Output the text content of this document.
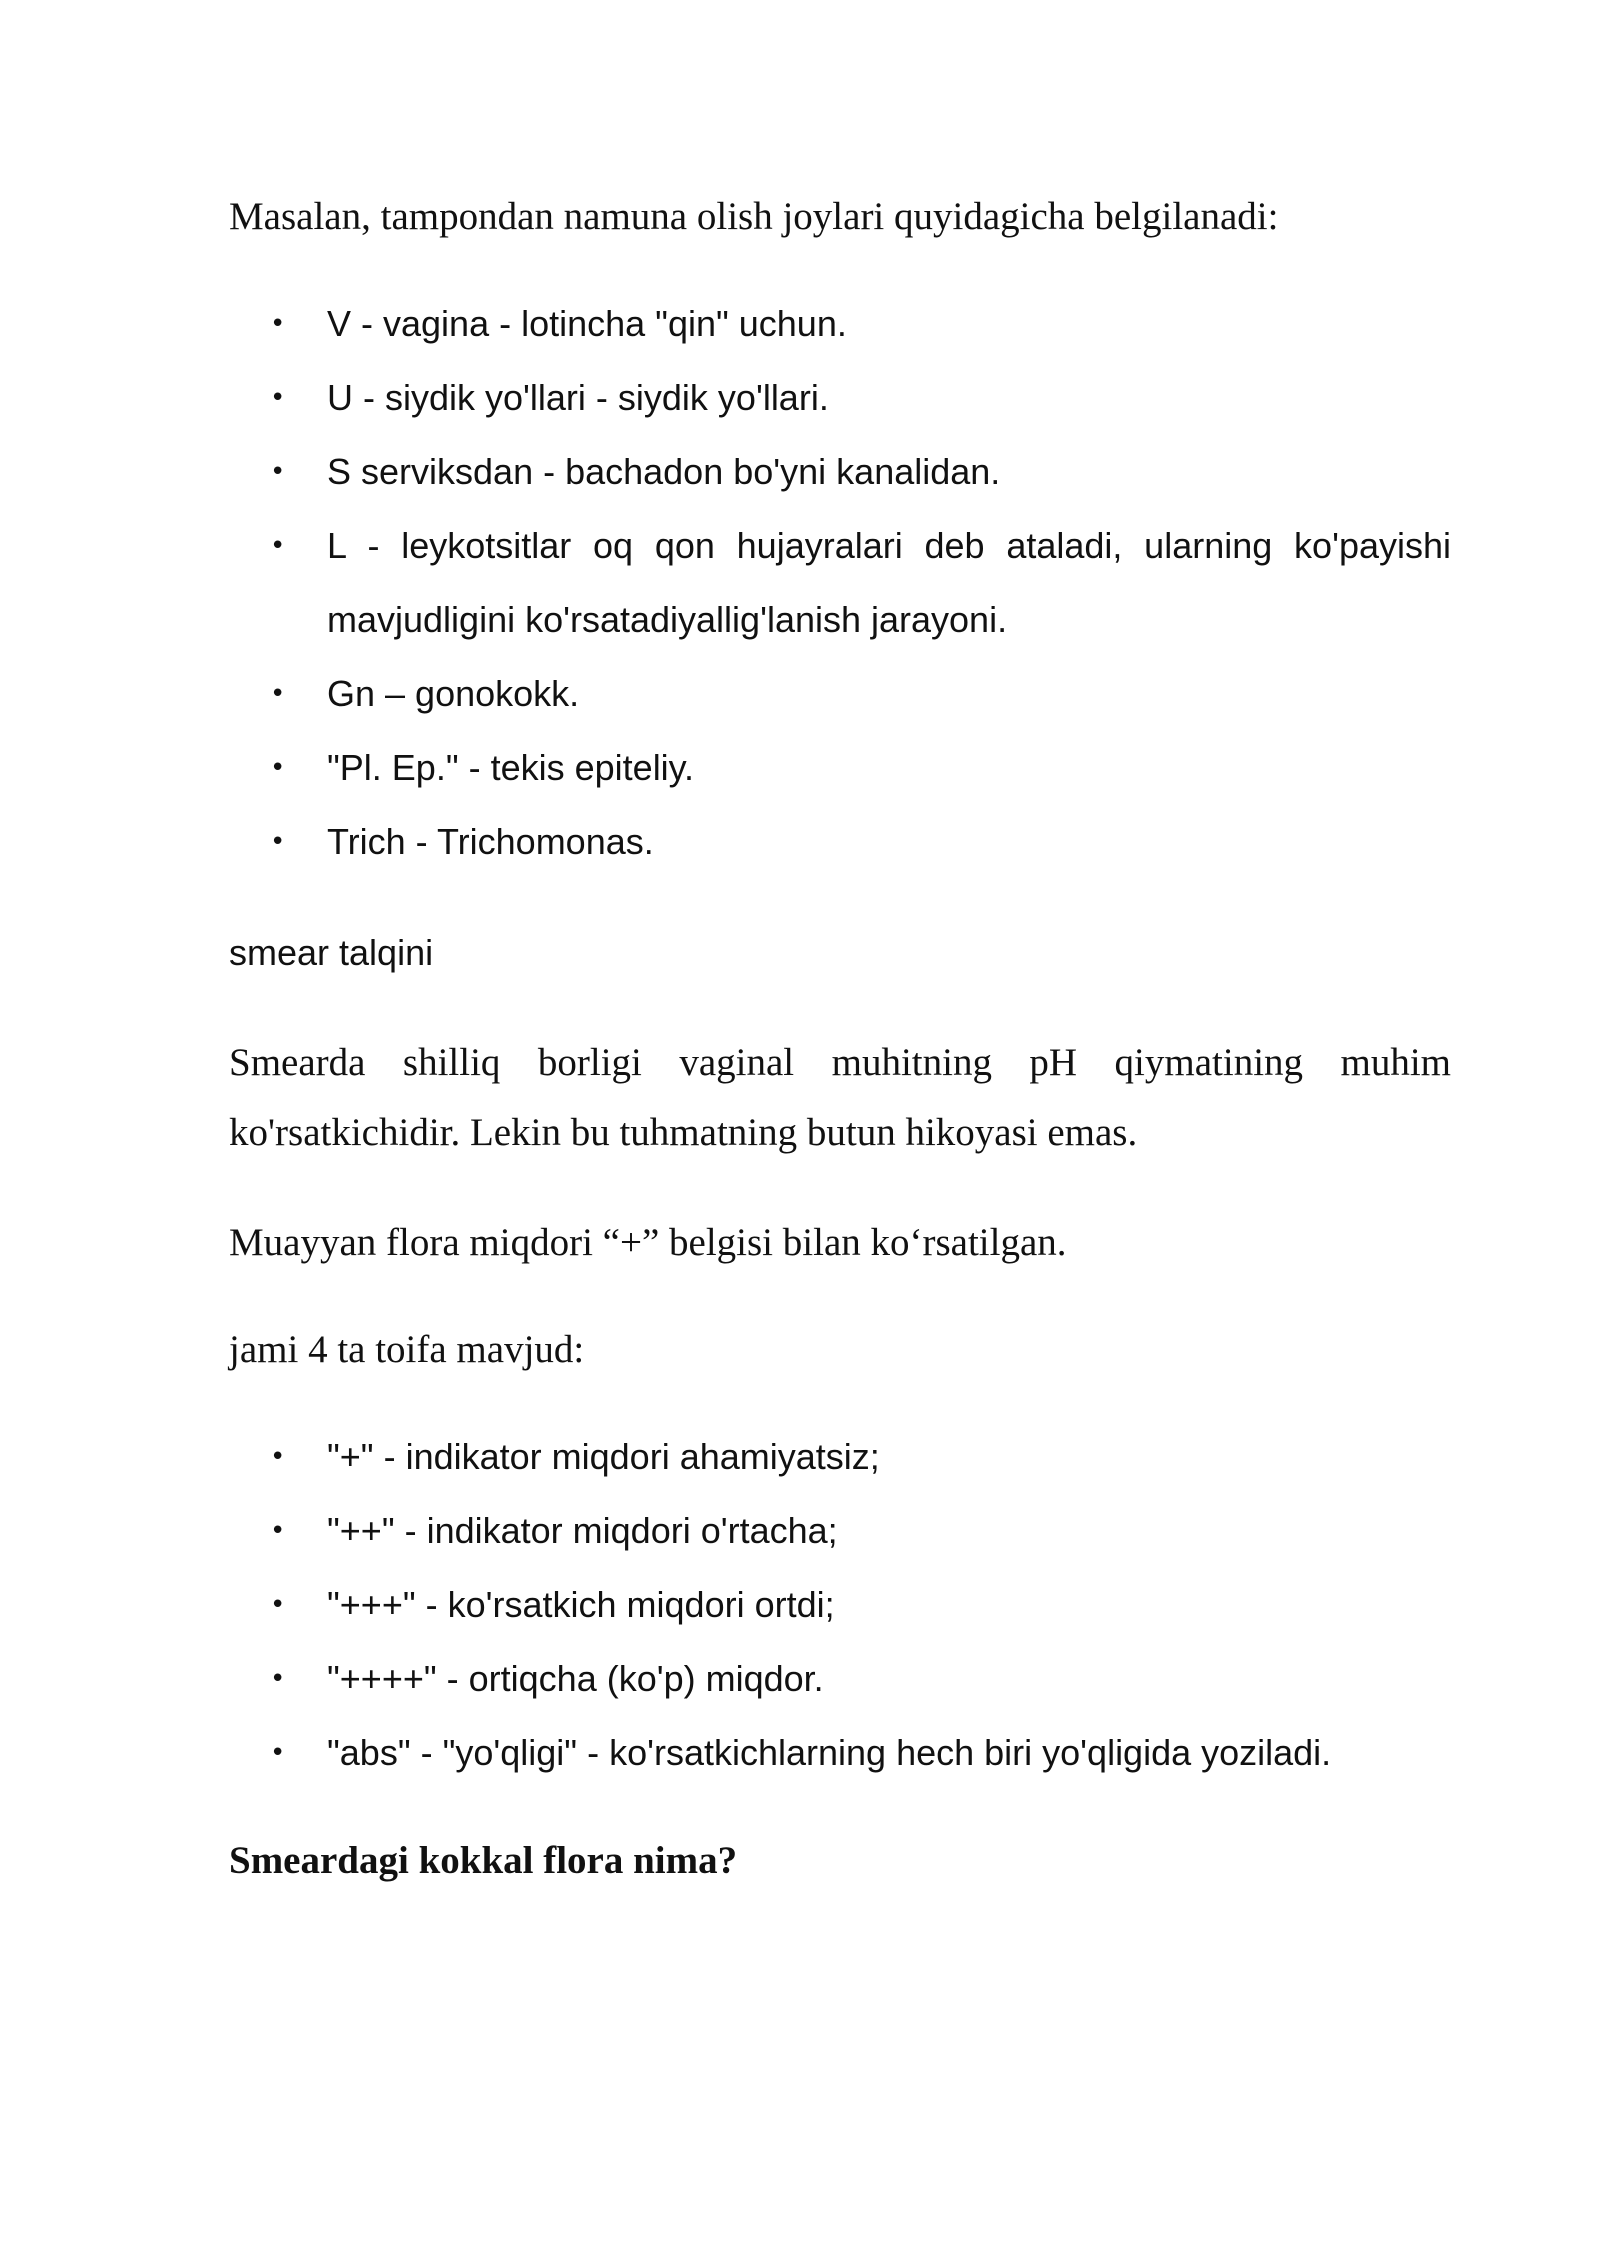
Masalan, tampondan namuna olish joylari quyidagicha belgilanadi:

• V - vagina - lotincha "qin" uchun.
• U - siydik yo'llari - siydik yo'llari.
• S serviksdan - bachadon bo'yni kanalidan.
• L - leykotsitlar oq qon hujayralari deb ataladi, ularning ko'payishi mavjudligini ko'rsatadiyallig'lanish jarayoni.
• Gn – gonokokk.
• "Pl. Ep." - tekis epiteliy.
• Trich - Trichomonas.

smear talqini

Smearda shilliq borligi vaginal muhitning pH qiymatining muhim ko'rsatkichidir. Lekin bu tuhmatning butun hikoyasi emas.

Muayyan flora miqdori “+” belgisi bilan ko‘rsatilgan.

jami 4 ta toifa mavjud:

• "+" - indikator miqdori ahamiyatsiz;
• "++" - indikator miqdori o'rtacha;
• "+++" - ko'rsatkich miqdori ortdi;
• "++++" - ortiqcha (ko'p) miqdor.
• "abs" - "yo'qligi" - ko'rsatkichlarning hech biri yo'qligida yoziladi.

Smeardagi kokkal flora nima?
